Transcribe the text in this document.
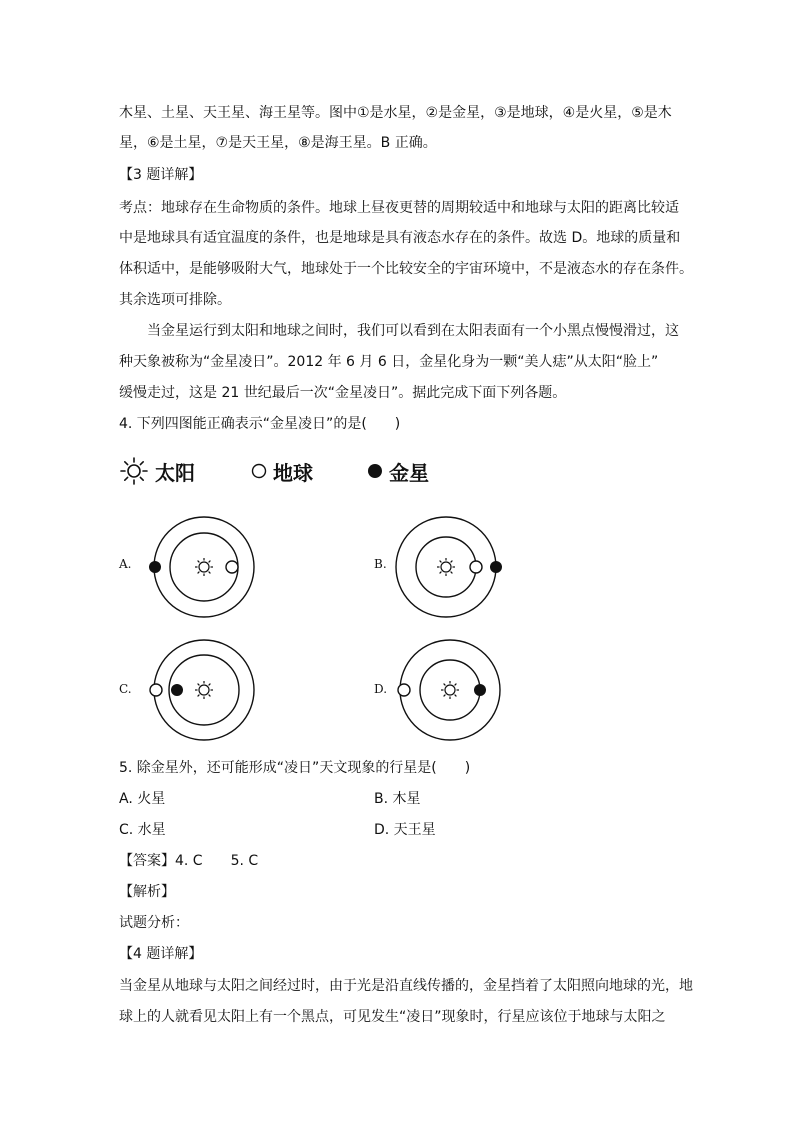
木星、土星、天王星、海王星等。图中①是水星，②是金星，③是地球，④是火星，⑤是木
星，⑥是土星，⑦是天王星，⑧是海王星。B 正确。
【3 题详解】
考点：地球存在生命物质的条件。地球上昼夜更替的周期较适中和地球与太阳的距离比较适
中是地球具有适宜温度的条件，也是地球是具有液态水存在的条件。故选 D。地球的质量和
体积适中，是能够吸附大气，地球处于一个比较安全的宇宙环境中，不是液态水的存在条件。
其余选项可排除。
当金星运行到太阳和地球之间时，我们可以看到在太阳表面有一个小黑点慢慢滑过，这
种天象被称为“金星凌日”。2012 年 6 月 6 日，金星化身为一颗“美人痣”从太阳“脸上”
缓慢走过，这是 21 世纪最后一次“金星凌日”。据此完成下面下列各题。
4. 下列四图能正确表示“金星凌日”的是(　　)
太阳	地球	金星
A.	B.
C.	D.
5. 除金星外，还可能形成“凌日”天文现象的行星是(　　)
A. 火星	B. 木星
C. 水星	D. 天王星
【答案】4. C　　5. C
【解析】
试题分析：
【4 题详解】
当金星从地球与太阳之间经过时，由于光是沿直线传播的，金星挡着了太阳照向地球的光，地
球上的人就看见太阳上有一个黑点，可见发生“凌日”现象时，行星应该位于地球与太阳之
